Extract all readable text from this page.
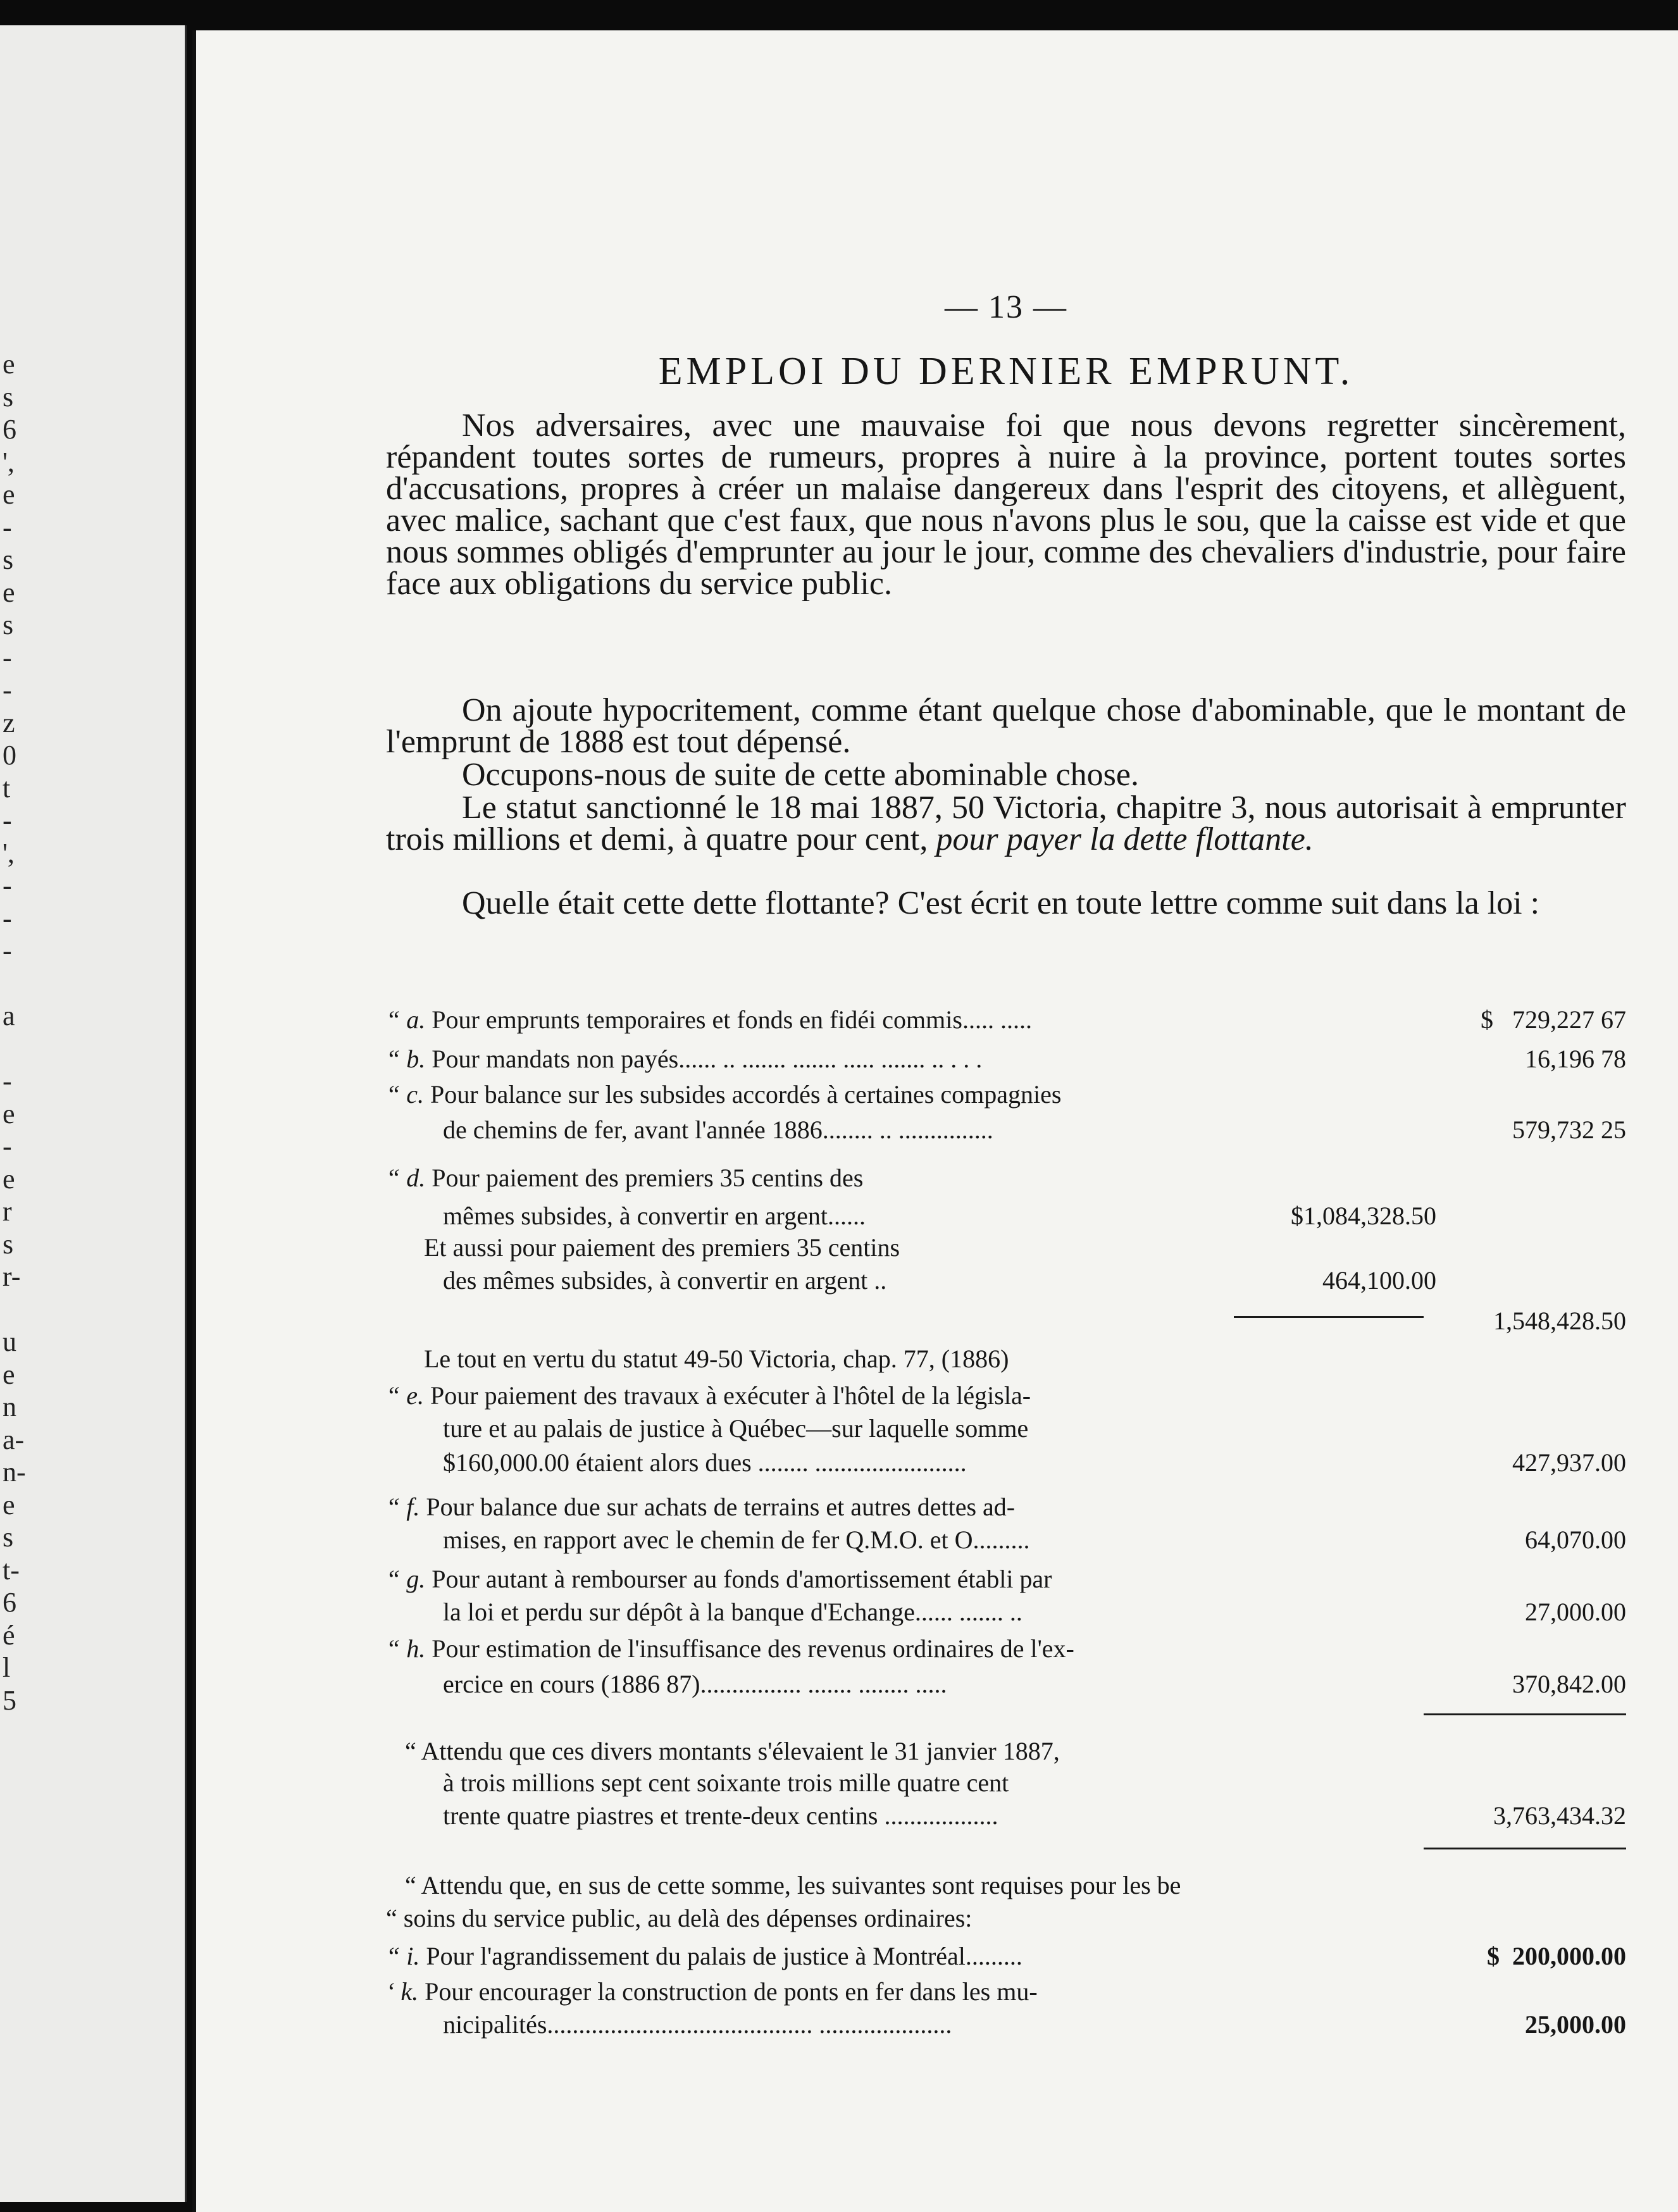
e
s
6
',
e
-
s
e
s
-
-
z
0
t
-
',
-
-
-

a

-
e
-
e
r
s
r-

u
e
n
a-
n-
e
s
t-
6
é
l
5
— 13 —
EMPLOI DU DERNIER EMPRUNT.
Nos adversaires, avec une mauvaise foi que nous devons regretter sincèrement, répandent toutes sortes de rumeurs, propres à nuire à la province, portent toutes sortes d'accusations, propres à créer un malaise dangereux dans l'esprit des citoyens, et allèguent, avec malice, sachant que c'est faux, que nous n'avons plus le sou, que la caisse est vide et que nous sommes obligés d'emprunter au jour le jour, comme des chevaliers d'industrie, pour faire face aux obligations du service public.
On ajoute hypocritement, comme étant quelque chose d'abominable, que le montant de l'emprunt de 1888 est tout dépensé.
Occupons-nous de suite de cette abominable chose.
Le statut sanctionné le 18 mai 1887, 50 Victoria, chapitre 3, nous autorisait à emprunter trois millions et demi, à quatre pour cent, pour payer la dette flottante.
Quelle était cette dette flottante? C'est écrit en toute lettre comme suit dans la loi :
“ a. Pour emprunts temporaires et fonds en fidéi commis..... .....	$ 729,227 67
“ b. Pour mandats non payés...... .. ....... ....... ..... ....... .. . . .	16,196 78
“ c. Pour balance sur les subsides accordés à certaines compagnies
de chemins de fer, avant l'année 1886........ .. ...............	579,732 25
“ d. Pour paiement des premiers 35 centins des
mêmes subsides, à convertir en argent......	$1,084,328.50
Et aussi pour paiement des premiers 35 centins
des mêmes subsides, à convertir en argent ..	464,100.00
1,548,428.50
Le tout en vertu du statut 49-50 Victoria, chap. 77, (1886)
“ e. Pour paiement des travaux à exécuter à l'hôtel de la législa-
ture et au palais de justice à Québec—sur laquelle somme
$160,000.00 étaient alors dues ........ ........................	427,937.00
“ f. Pour balance due sur achats de terrains et autres dettes ad-
mises, en rapport avec le chemin de fer Q.M.O. et O.........	64,070.00
“ g. Pour autant à rembourser au fonds d'amortissement établi par
la loi et perdu sur dépôt à la banque d'Echange...... ....... ..	27,000.00
“ h. Pour estimation de l'insuffisance des revenus ordinaires de l'ex-
ercice en cours (1886 87)................ ....... ........ .....	370,842.00
“ Attendu que ces divers montants s'élevaient le 31 janvier 1887,
à trois millions sept cent soixante trois mille quatre cent
trente quatre piastres et trente-deux centins ..................	3,763,434.32
“ Attendu que, en sus de cette somme, les suivantes sont requises pour les be
“ soins du service public, au delà des dépenses ordinaires:
“ i. Pour l'agrandissement du palais de justice à Montréal.........	$ 200,000.00
‘ k. Pour encourager la construction de ponts en fer dans les mu-
nicipalités.......................................... .....................	25,000.00
